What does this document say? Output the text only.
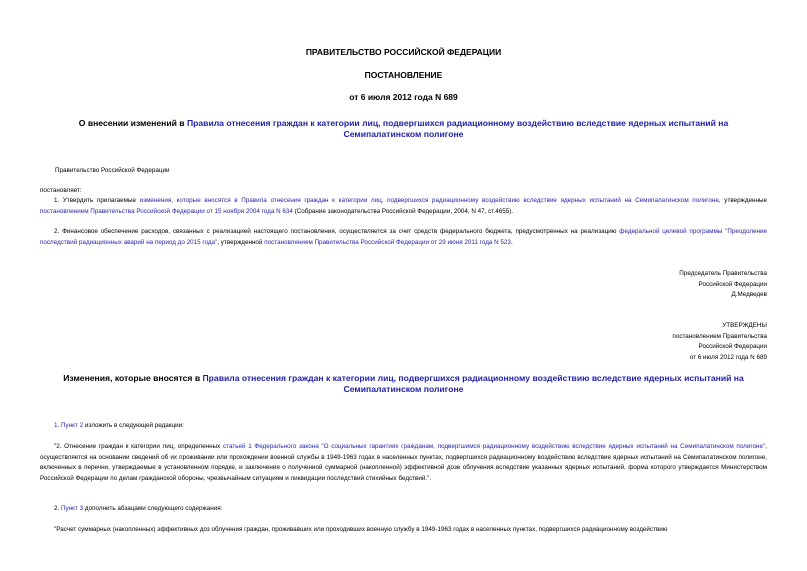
ПРАВИТЕЛЬСТВО РОССИЙСКОЙ ФЕДЕРАЦИИ
ПОСТАНОВЛЕНИЕ
от 6 июля 2012 года N 689
О внесении изменений в Правила отнесения граждан к категории лиц, подвергшихся радиационному воздействию вследствие ядерных испытаний на Семипалатинском полигоне
Правительство Российской Федерации
постановляет:
1. Утвердить прилагаемые изменения, которые вносятся в Правила отнесения граждан к категории лиц, подвергшихся радиационному воздействию вследствие ядерных испытаний на Семипалатинском полигоне, утвержденные постановлением Правительства Российской Федерации от 15 ноября 2004 года N 634 (Собрание законодательства Российской Федерации, 2004, N 47, ст.4655).
2. Финансовое обеспечение расходов, связанных с реализацией настоящего постановления, осуществляется за счет средств федерального бюджета, предусмотренных на реализацию федеральной целевой программы "Преодоление последствий радиационных аварий на период до 2015 года", утвержденной постановлением Правительства Российской Федерации от 29 июня 2011 года N 523.
Председатель Правительства
Российской Федерации
Д.Медведев
УТВЕРЖДЕНЫ
постановлением Правительства
Российской Федерации
от 6 июля 2012 года N 689
Изменения, которые вносятся в Правила отнесения граждан к категории лиц, подвергшихся радиационному воздействию вследствие ядерных испытаний на Семипалатинском полигоне
1. Пункт 2 изложить в следующей редакции:
"2. Отнесение граждан к категории лиц, определенных статьей 1 Федерального закона "О социальных гарантиях гражданам, подвергшимся радиационному воздействию вследствие ядерных испытаний на Семипалатинском полигоне", осуществляется на основании сведений об их проживании или прохождении военной службы в 1949-1963 годах в населенных пунктах, подвергшихся радиационному воздействию вследствие ядерных испытаний на Семипалатинском полигоне, включенных в перечни, утверждаемые в установленном порядке, и заключения о полученной суммарной (накопленной) эффективной дозе облучения вследствие указанных ядерных испытаний, форма которого утверждается Министерством Российской Федерации по делам гражданской обороны, чрезвычайным ситуациям и ликвидации последствий стихийных бедствий.".
2. Пункт 3 дополнить абзацами следующего содержания:
"Расчет суммарных (накопленных) эффективных доз облучения граждан, проживавших или проходивших военную службу в 1949-1963 годах в населенных пунктах, подвергшихся радиационному воздействию
